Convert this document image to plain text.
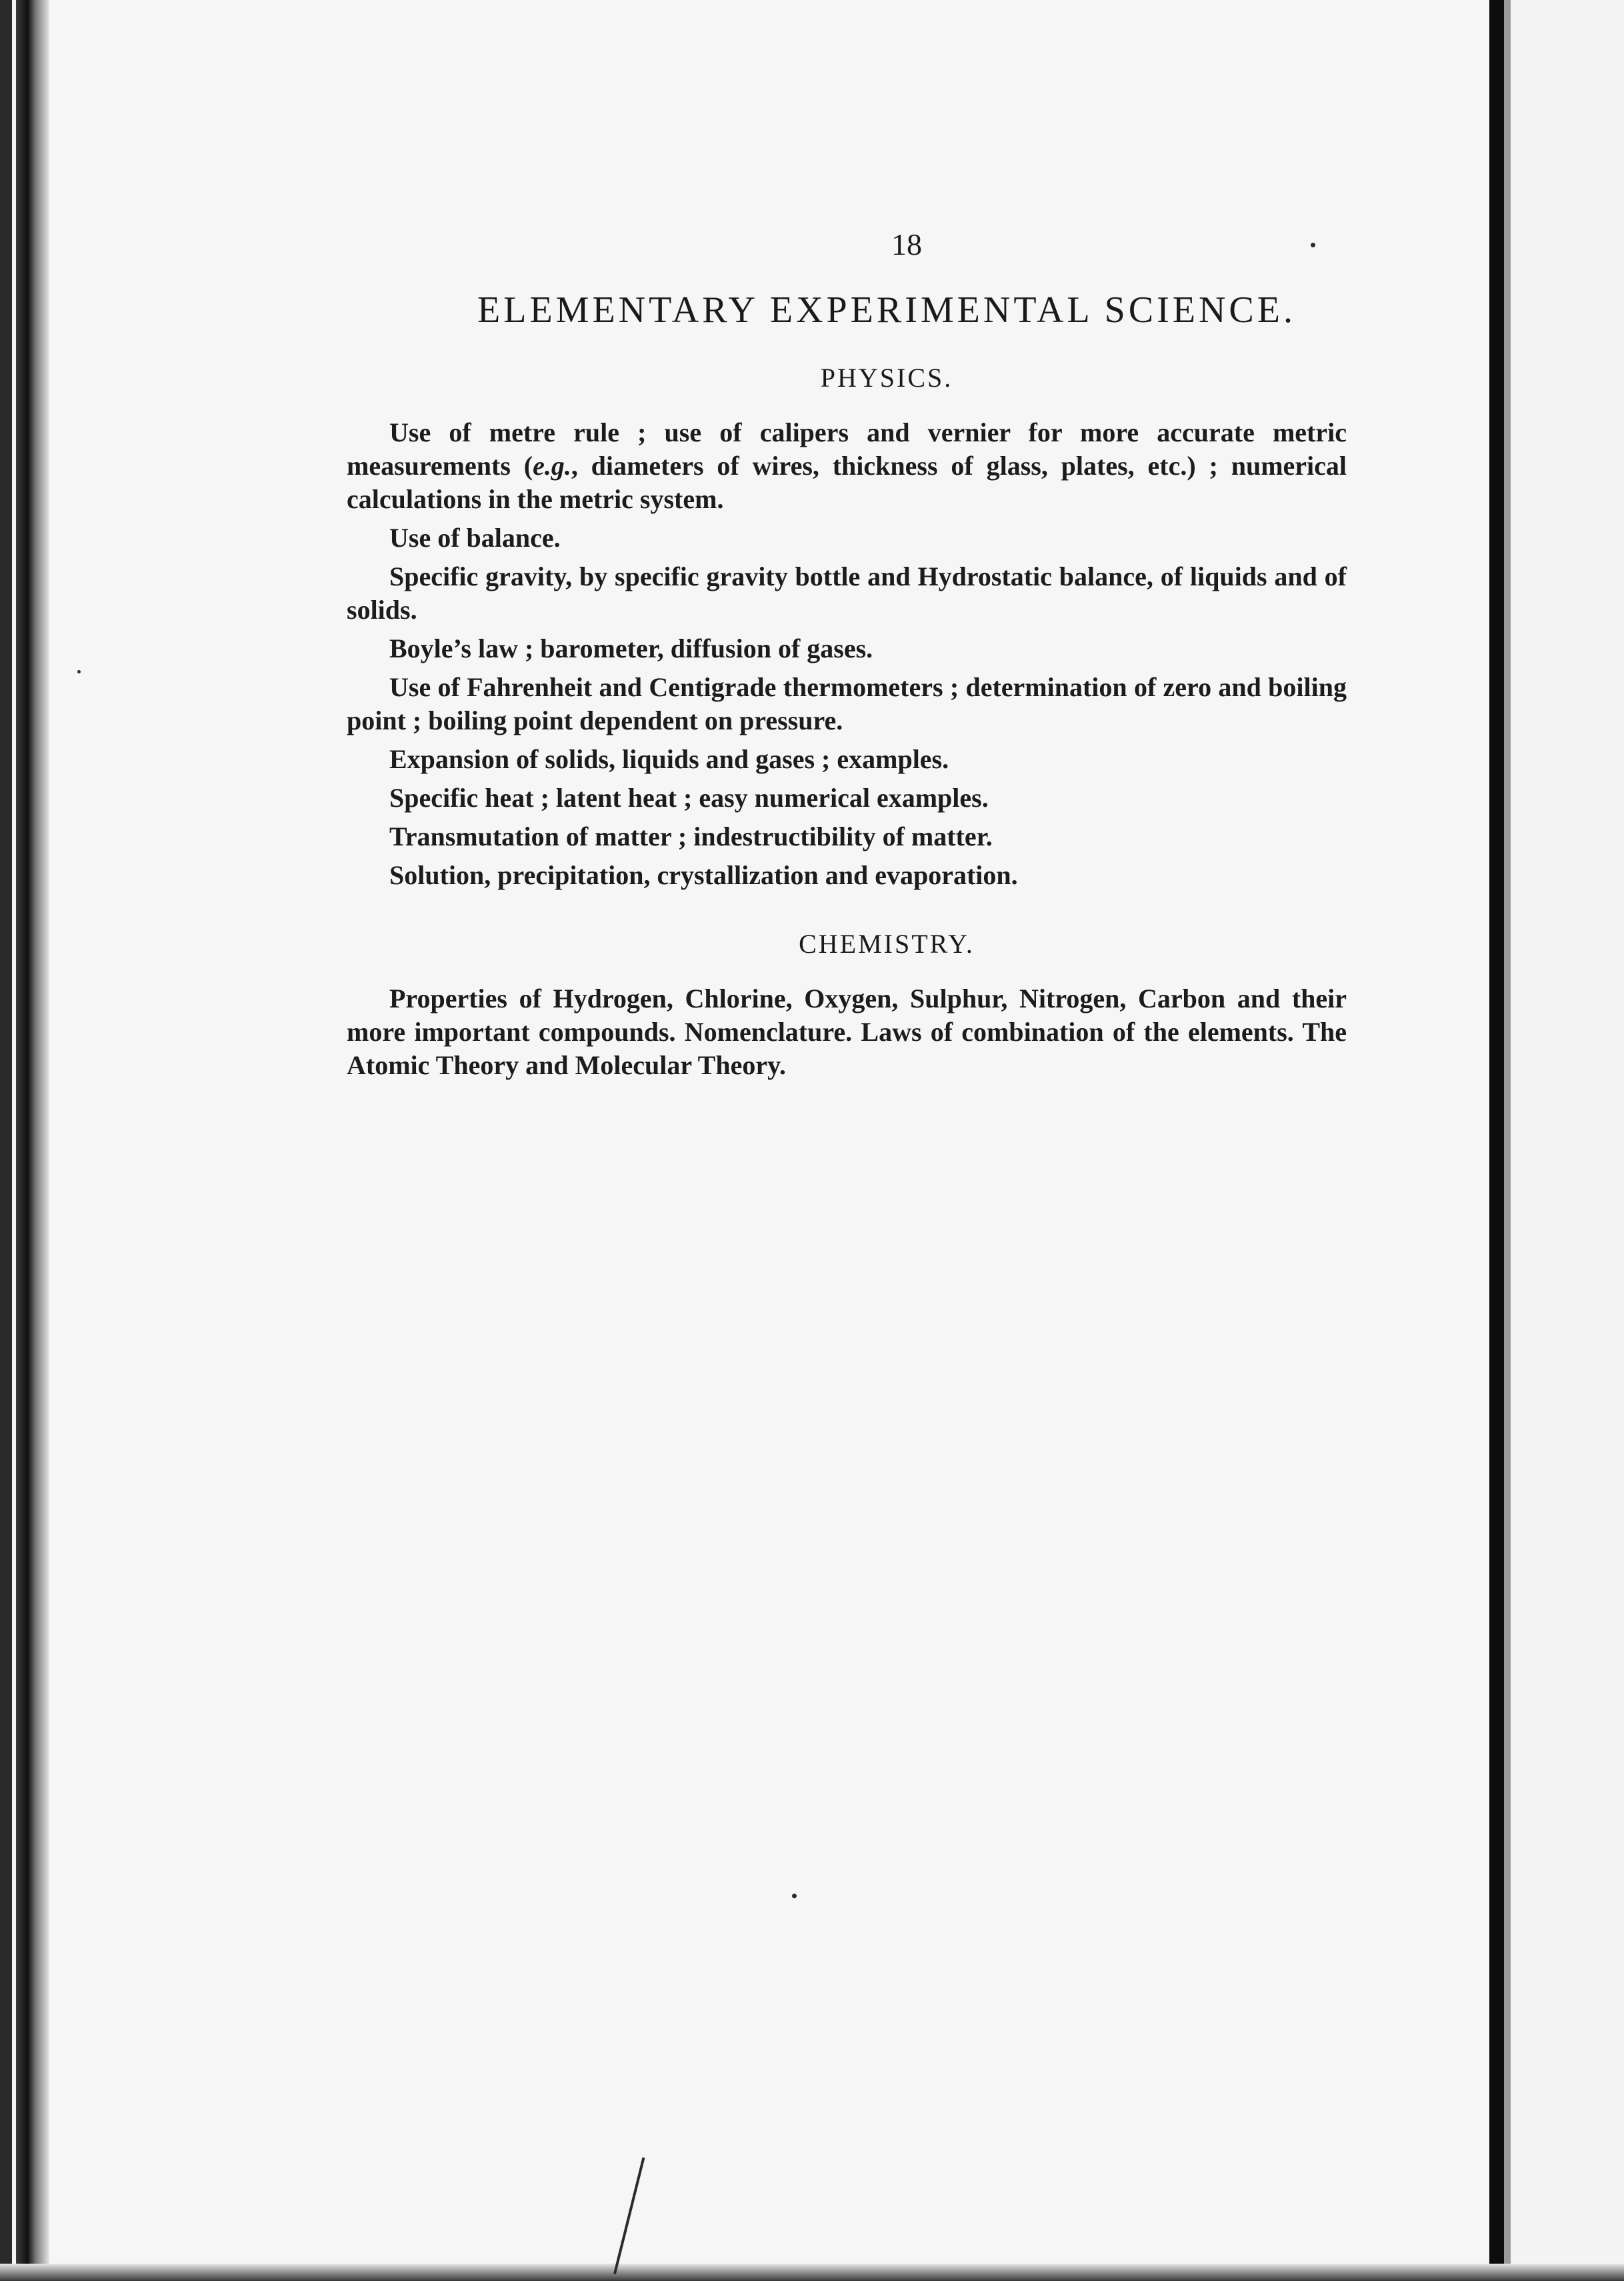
18
ELEMENTARY EXPERIMENTAL SCIENCE.
PHYSICS.

Use of metre rule ; use of calipers and vernier for more accurate metric measurements (e.g., diameters of wires, thickness of glass, plates, etc.) ; numerical calculations in the metric system.

Use of balance.

Specific gravity, by specific gravity bottle and Hydrostatic balance, of liquids and of solids.

Boyle’s law ; barometer, diffusion of gases.

Use of Fahrenheit and Centigrade thermometers ; determination of zero and boiling point ; boiling point dependent on pressure.

Expansion of solids, liquids and gases ; examples.

Specific heat ; latent heat ; easy numerical examples.

Transmutation of matter ; indestructibility of matter.

Solution, precipitation, crystallization and evaporation.

CHEMISTRY.

Properties of Hydrogen, Chlorine, Oxygen, Sulphur, Nitrogen, Carbon and their more important compounds. Nomenclature. Laws of combination of the elements. The Atomic Theory and Molecular Theory.
